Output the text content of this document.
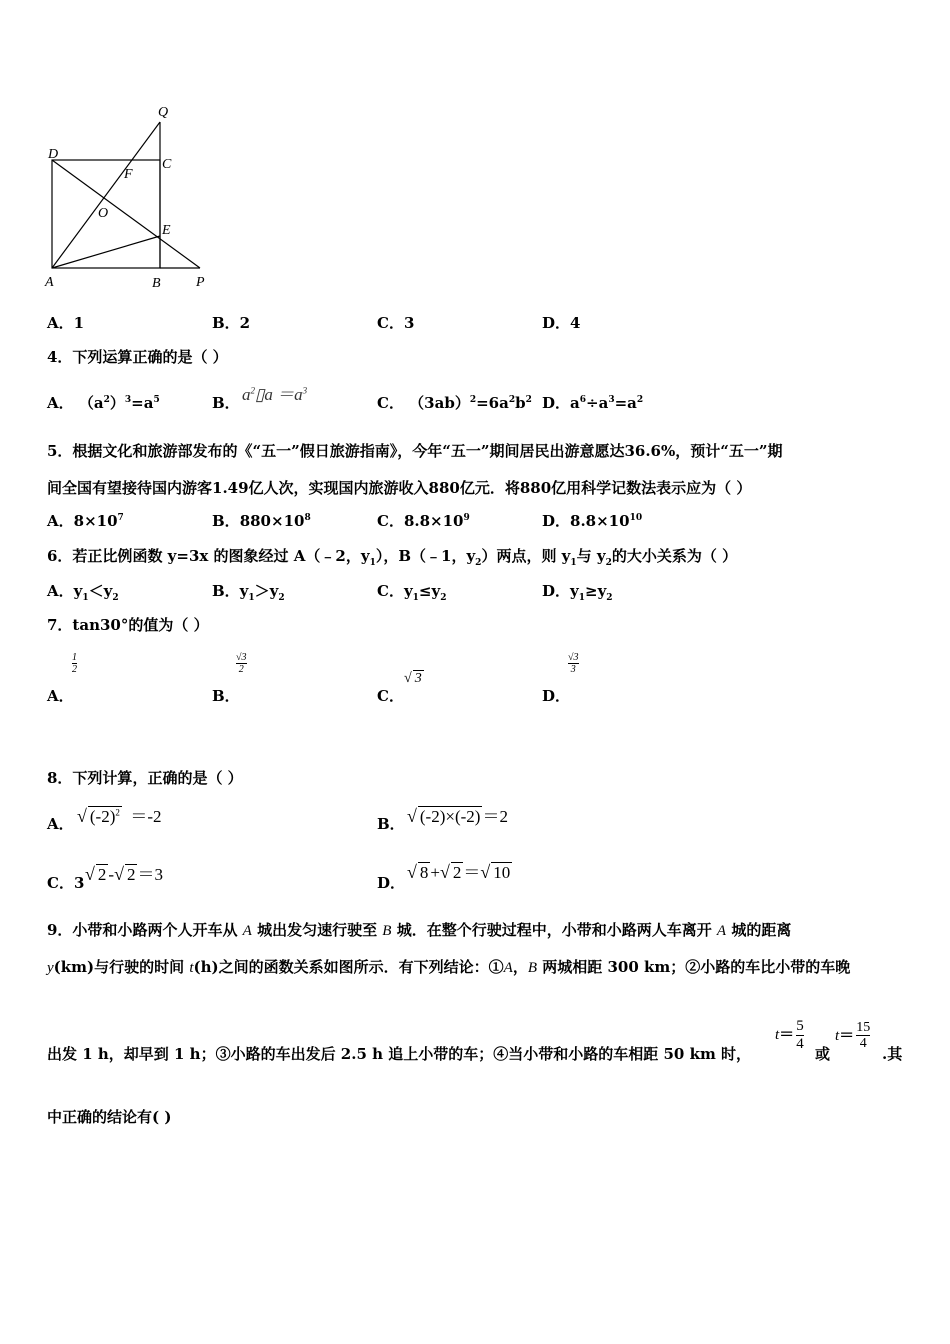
Q
D
C
F
O
E
A	B	P
A．1	B．2	C．3	D．4
4．下列运算正确的是（ ）
A． $(a^2)^3=a^5$	B． $a^2▯a =a^3$
C． $(3ab)^2=6a^2b^2$ D．$a^6\div a^3=a^2$
5．根据文化和旅游部发布的《“五一”假日旅游指南》，今年“五一”期间居民出游意愿达36.6%，预计“五一”期
间全国有望接待国内游客1.49亿人次，实现国内旅游收入880亿元．将880亿用科学记数法表示应为（ ）
A．$8\times 10^7$	B．$880\times 10^8$	C．$8.8\times 10^9$	D．$8.8\times 10^{10}$
6．若正比例函数 y=3x 的图象经过 A（﹣2，$y_1$），B（﹣1，$y_2$）两点，则 $y_1$与 $y_2$的大小关系为（ ）
A．$y_1<y_2$	B．$y_1>y_2$	C．$y_1\le y_2$	D．$y_1\ge y_2$
7．tan30°的值为（ ）
A．
$\frac{1}{2}$
B．
$\frac{√3}{2}$
C．
√ 3
D．
$\frac{√3}{3}$
8．下列计算，正确的是（ ）
A． √ $(-2)^2 =-2$	B． √ (-2)×(-2) ＝2
C．3 √ 2 -√ 2 ＝3	D．
√ 8 +√ 2 ＝√ 10
9．小带和小路两个人开车从 A 城出发匀速行驶至 B 城．在整个行驶过程中，小带和小路两人车离开 A 城的距离
y(km)与行驶的时间 t(h)之间的函数关系如图所示．有下列结论：①A，B 两城相距 300 km；②小路的车比小带的车晚
出发 1 h，却早到 1 h；③小路的车出发后 2.5 h 追上小带的车；④当小带和小路的车相距 50 km 时，
$t= \frac{5}{4}$
或
$t= \frac{15}{4}$
.其
中正确的结论有( )
